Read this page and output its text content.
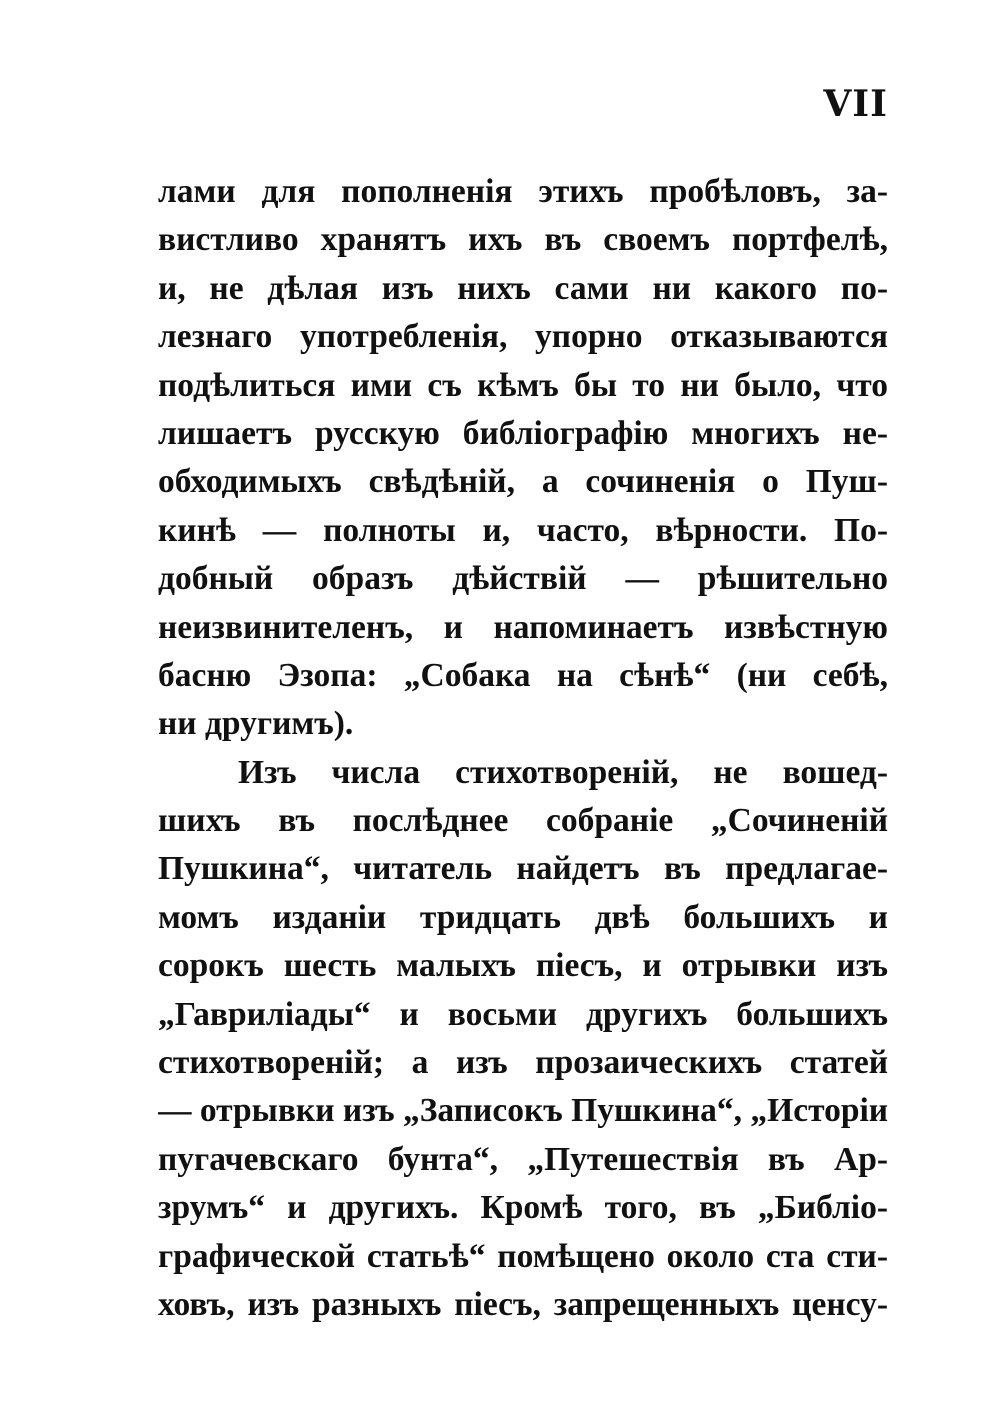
VII
лами для пополненія этихъ пробѣловъ, за-
вистливо хранятъ ихъ въ своемъ портфелѣ,
и, не дѣлая изъ нихъ сами ни какого по-
лезнаго употребленія, упорно отказываются
подѣлиться ими съ кѣмъ бы то ни было, что
лишаетъ русскую библіографію многихъ не-
обходимыхъ свѣдѣній, а сочиненія о Пуш-
кинѣ — полноты и, часто, вѣрности. По-
добный образъ дѣйствій — рѣшительно
неизвинителенъ, и напоминаетъ извѣстную
басню Эзопа: „Собака на сѣнѣ“ (ни себѣ,
ни другимъ).
Изъ числа стихотвореній, не вошед-
шихъ въ послѣднее собраніе „Сочиненій
Пушкина“, читатель найдетъ въ предлагае-
момъ изданіи тридцать двѣ большихъ и
сорокъ шесть малыхъ піесъ, и отрывки изъ
„Гавриліады“ и восьми другихъ большихъ
стихотвореній; а изъ прозаическихъ статей
— отрывки изъ „Записокъ Пушкина“, „Исторіи
пугачевскаго бунта“, „Путешествія въ Ар-
зрумъ“ и другихъ. Кромѣ того, въ „Библіо-
графической статьѣ“ помѣщено около ста сти-
ховъ, изъ разныхъ піесъ, запрещенныхъ ценсу-
